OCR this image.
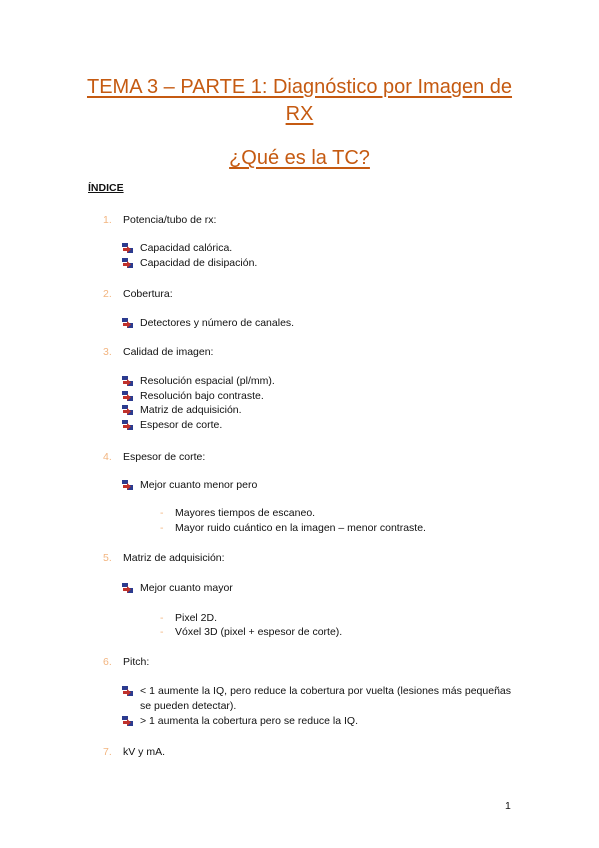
TEMA 3 – PARTE 1: Diagnóstico por Imagen de
RX
¿Qué es la TC?
ÍNDICE
1. Potencia/tubo de rx:
Capacidad calórica.
Capacidad de disipación.
2. Cobertura:
Detectores y número de canales.
3. Calidad de imagen:
Resolución espacial (pl/mm).
Resolución bajo contraste.
Matriz de adquisición.
Espesor de corte.
4. Espesor de corte:
Mejor cuanto menor pero
- Mayores tiempos de escaneo.
- Mayor ruido cuántico en la imagen – menor contraste.
5. Matriz de adquisición:
Mejor cuanto mayor
- Pixel 2D.
- Vóxel 3D (pixel + espesor de corte).
6. Pitch:
< 1 aumente la IQ, pero reduce la cobertura por vuelta (lesiones más pequeñas se pueden detectar).
> 1 aumenta la cobertura pero se reduce la IQ.
7. kV y mA.
1
